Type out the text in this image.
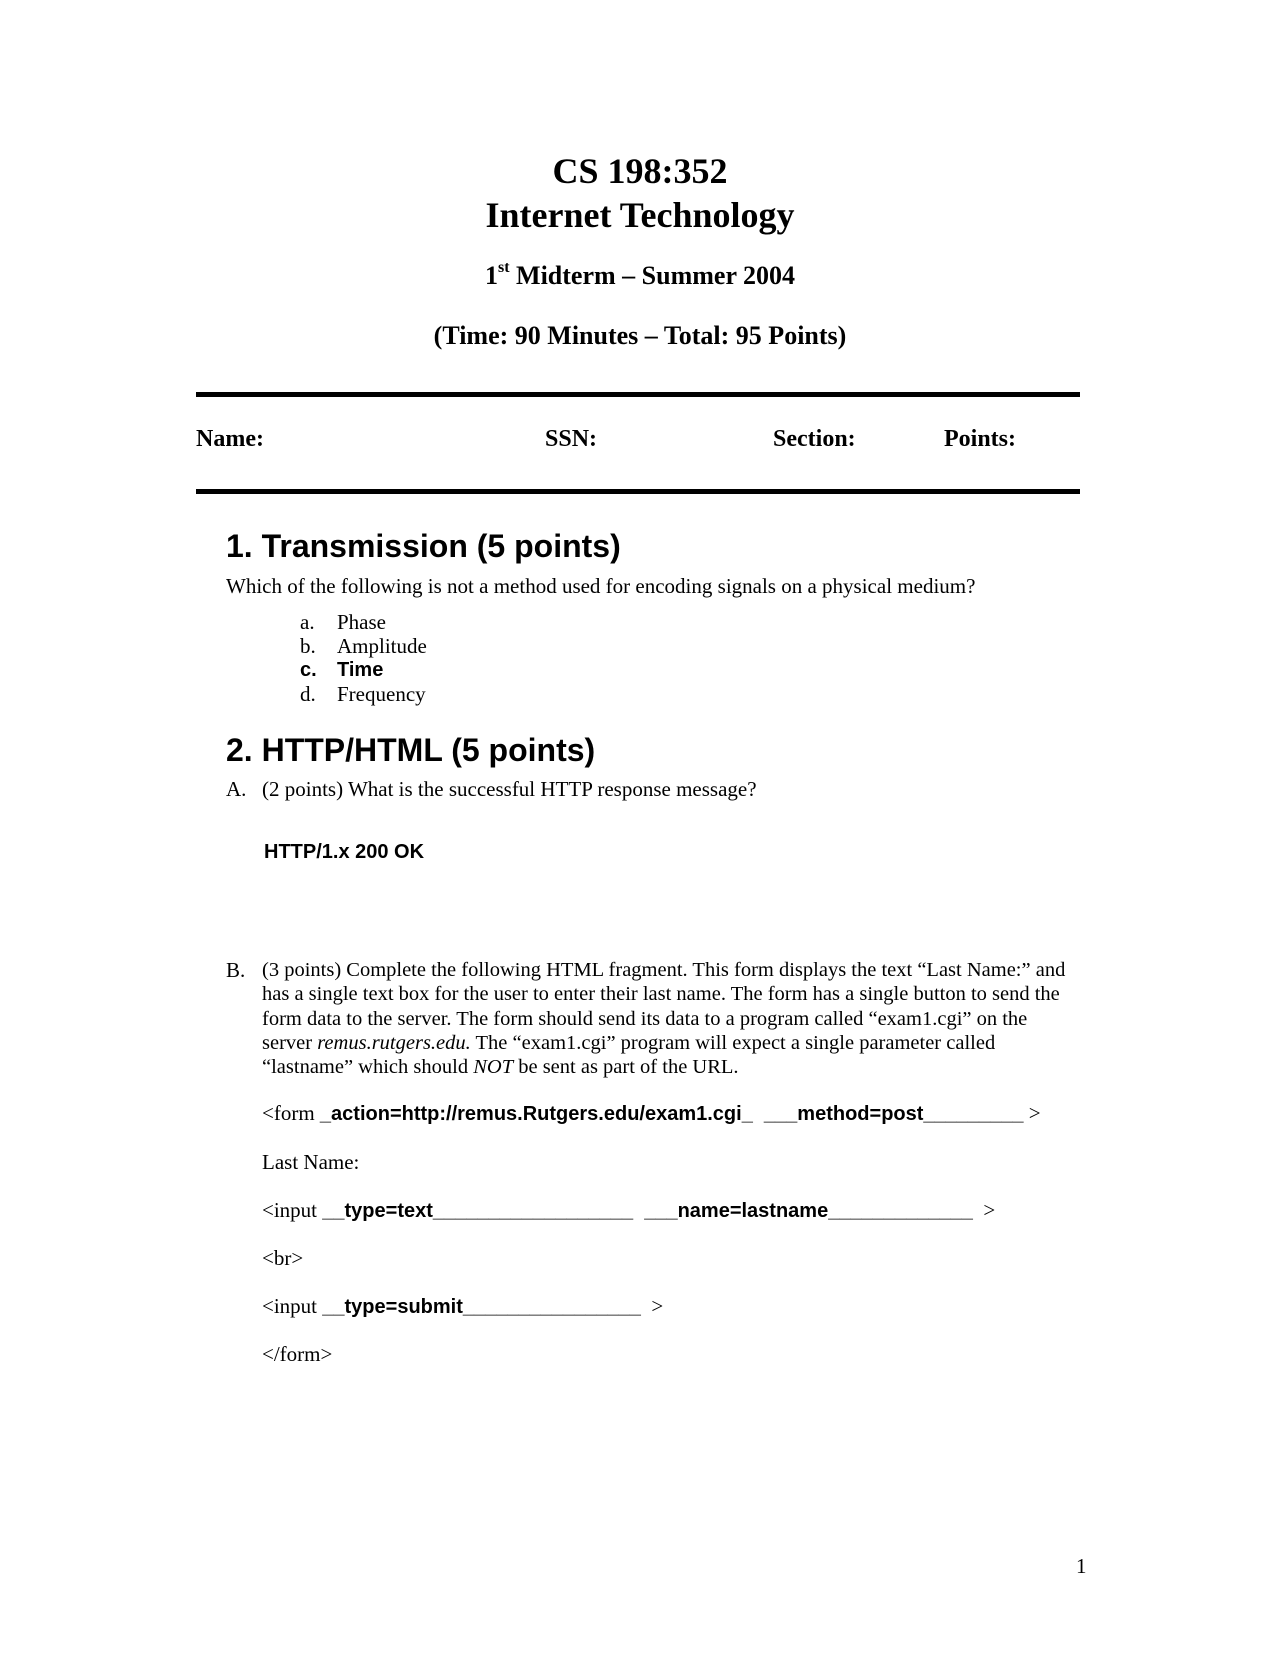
CS 198:352
Internet Technology
1st Midterm – Summer 2004
(Time: 90 Minutes – Total: 95 Points)
Name:	SSN:	Section:	Points:
1. Transmission (5 points)
Which of the following is not a method used for encoding signals on a physical medium?
a. Phase
b. Amplitude
c. Time
d. Frequency
2. HTTP/HTML (5 points)
A. (2 points) What is the successful HTTP response message?
HTTP/1.x 200 OK
B. (3 points) Complete the following HTML fragment. This form displays the text “Last Name:” and
has a single text box for the user to enter their last name. The form has a single button to send the
form data to the server. The form should send its data to a program called “exam1.cgi” on the
server remus.rutgers.edu. The “exam1.cgi” program will expect a single parameter called
“lastname” which should NOT be sent as part of the URL.
<form _action=http://remus.Rutgers.edu/exam1.cgi_  ___method=post_________ >
Last Name:
<input __type=text__________________  ___name=lastname_____________  >
<br>
<input __type=submit________________  >
</form>
1
